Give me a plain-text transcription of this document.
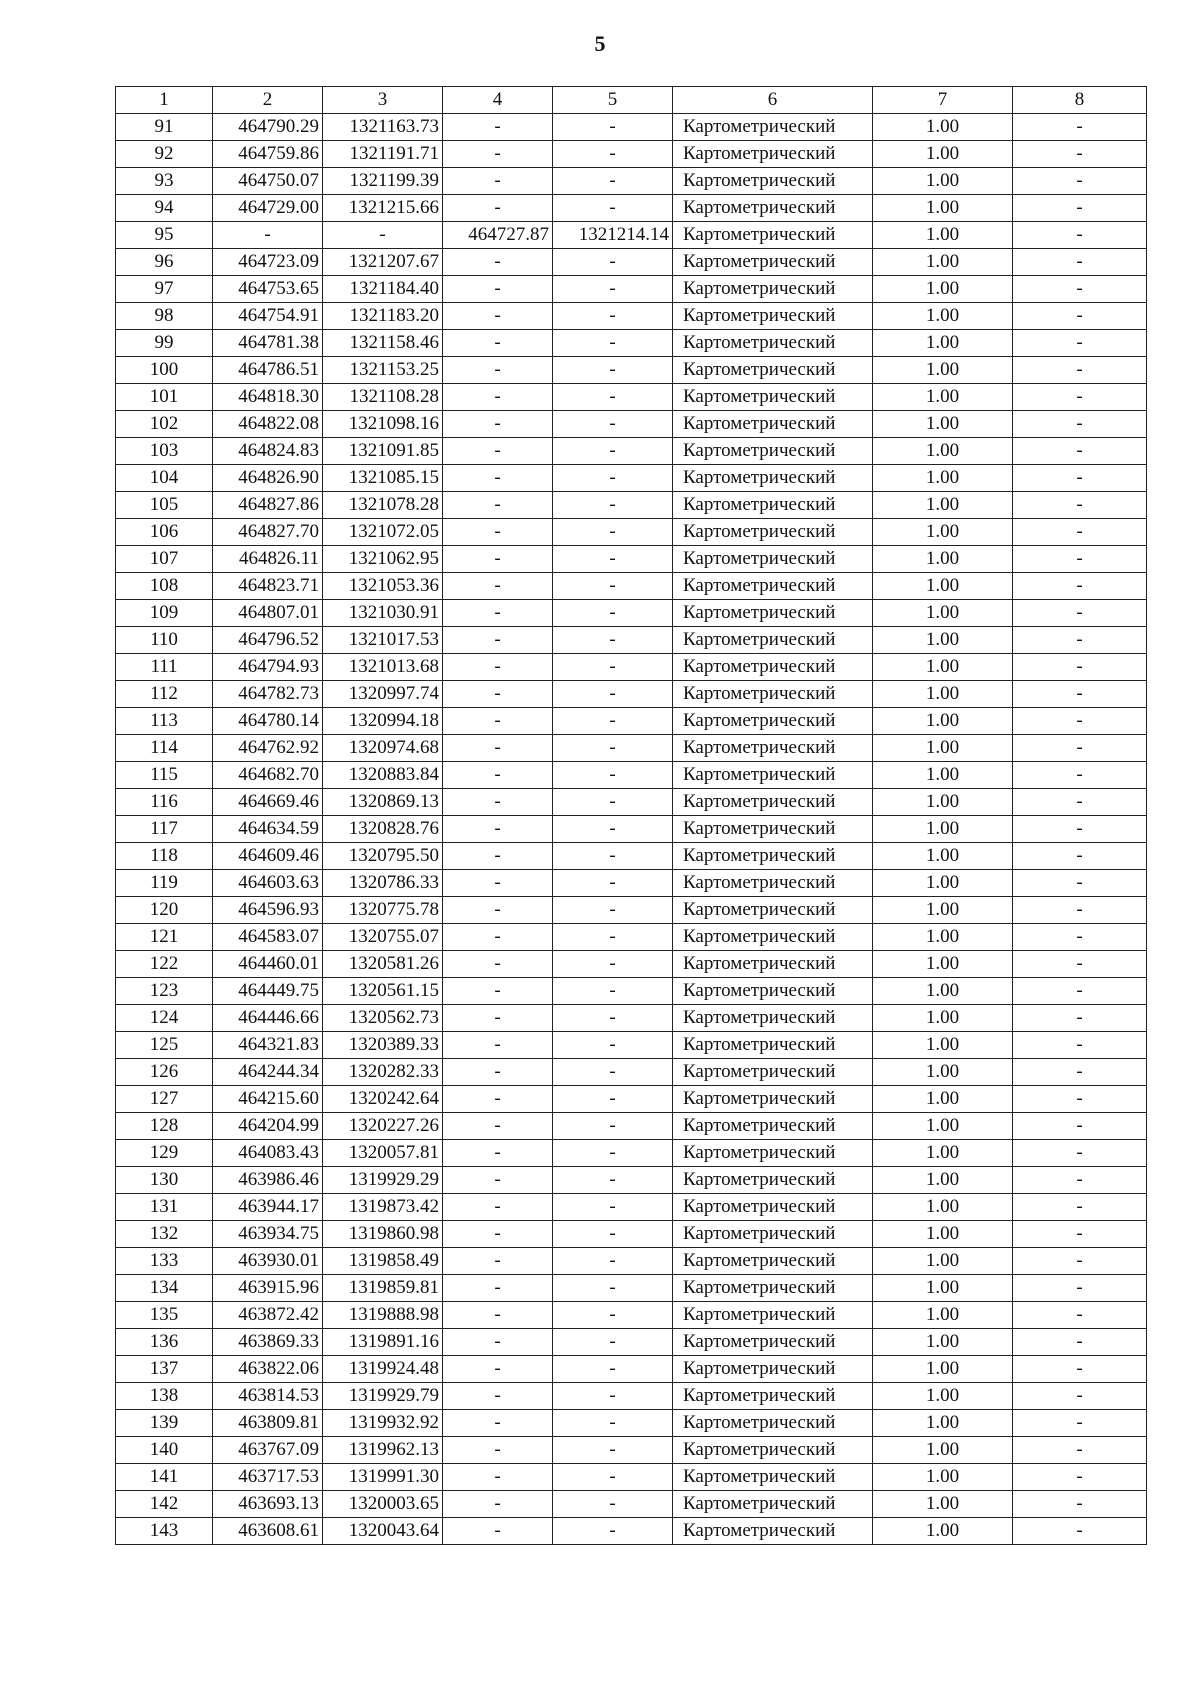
5
1	2	3	4	5	6	7	8
91	464790.29	1321163.73	-	-	Картометрический	1.00	-
92	464759.86	1321191.71	-	-	Картометрический	1.00	-
93	464750.07	1321199.39	-	-	Картометрический	1.00	-
94	464729.00	1321215.66	-	-	Картометрический	1.00	-
95	-	-	464727.87	1321214.14	Картометрический	1.00	-
96	464723.09	1321207.67	-	-	Картометрический	1.00	-
97	464753.65	1321184.40	-	-	Картометрический	1.00	-
98	464754.91	1321183.20	-	-	Картометрический	1.00	-
99	464781.38	1321158.46	-	-	Картометрический	1.00	-
100	464786.51	1321153.25	-	-	Картометрический	1.00	-
101	464818.30	1321108.28	-	-	Картометрический	1.00	-
102	464822.08	1321098.16	-	-	Картометрический	1.00	-
103	464824.83	1321091.85	-	-	Картометрический	1.00	-
104	464826.90	1321085.15	-	-	Картометрический	1.00	-
105	464827.86	1321078.28	-	-	Картометрический	1.00	-
106	464827.70	1321072.05	-	-	Картометрический	1.00	-
107	464826.11	1321062.95	-	-	Картометрический	1.00	-
108	464823.71	1321053.36	-	-	Картометрический	1.00	-
109	464807.01	1321030.91	-	-	Картометрический	1.00	-
110	464796.52	1321017.53	-	-	Картометрический	1.00	-
111	464794.93	1321013.68	-	-	Картометрический	1.00	-
112	464782.73	1320997.74	-	-	Картометрический	1.00	-
113	464780.14	1320994.18	-	-	Картометрический	1.00	-
114	464762.92	1320974.68	-	-	Картометрический	1.00	-
115	464682.70	1320883.84	-	-	Картометрический	1.00	-
116	464669.46	1320869.13	-	-	Картометрический	1.00	-
117	464634.59	1320828.76	-	-	Картометрический	1.00	-
118	464609.46	1320795.50	-	-	Картометрический	1.00	-
119	464603.63	1320786.33	-	-	Картометрический	1.00	-
120	464596.93	1320775.78	-	-	Картометрический	1.00	-
121	464583.07	1320755.07	-	-	Картометрический	1.00	-
122	464460.01	1320581.26	-	-	Картометрический	1.00	-
123	464449.75	1320561.15	-	-	Картометрический	1.00	-
124	464446.66	1320562.73	-	-	Картометрический	1.00	-
125	464321.83	1320389.33	-	-	Картометрический	1.00	-
126	464244.34	1320282.33	-	-	Картометрический	1.00	-
127	464215.60	1320242.64	-	-	Картометрический	1.00	-
128	464204.99	1320227.26	-	-	Картометрический	1.00	-
129	464083.43	1320057.81	-	-	Картометрический	1.00	-
130	463986.46	1319929.29	-	-	Картометрический	1.00	-
131	463944.17	1319873.42	-	-	Картометрический	1.00	-
132	463934.75	1319860.98	-	-	Картометрический	1.00	-
133	463930.01	1319858.49	-	-	Картометрический	1.00	-
134	463915.96	1319859.81	-	-	Картометрический	1.00	-
135	463872.42	1319888.98	-	-	Картометрический	1.00	-
136	463869.33	1319891.16	-	-	Картометрический	1.00	-
137	463822.06	1319924.48	-	-	Картометрический	1.00	-
138	463814.53	1319929.79	-	-	Картометрический	1.00	-
139	463809.81	1319932.92	-	-	Картометрический	1.00	-
140	463767.09	1319962.13	-	-	Картометрический	1.00	-
141	463717.53	1319991.30	-	-	Картометрический	1.00	-
142	463693.13	1320003.65	-	-	Картометрический	1.00	-
143	463608.61	1320043.64	-	-	Картометрический	1.00	-
